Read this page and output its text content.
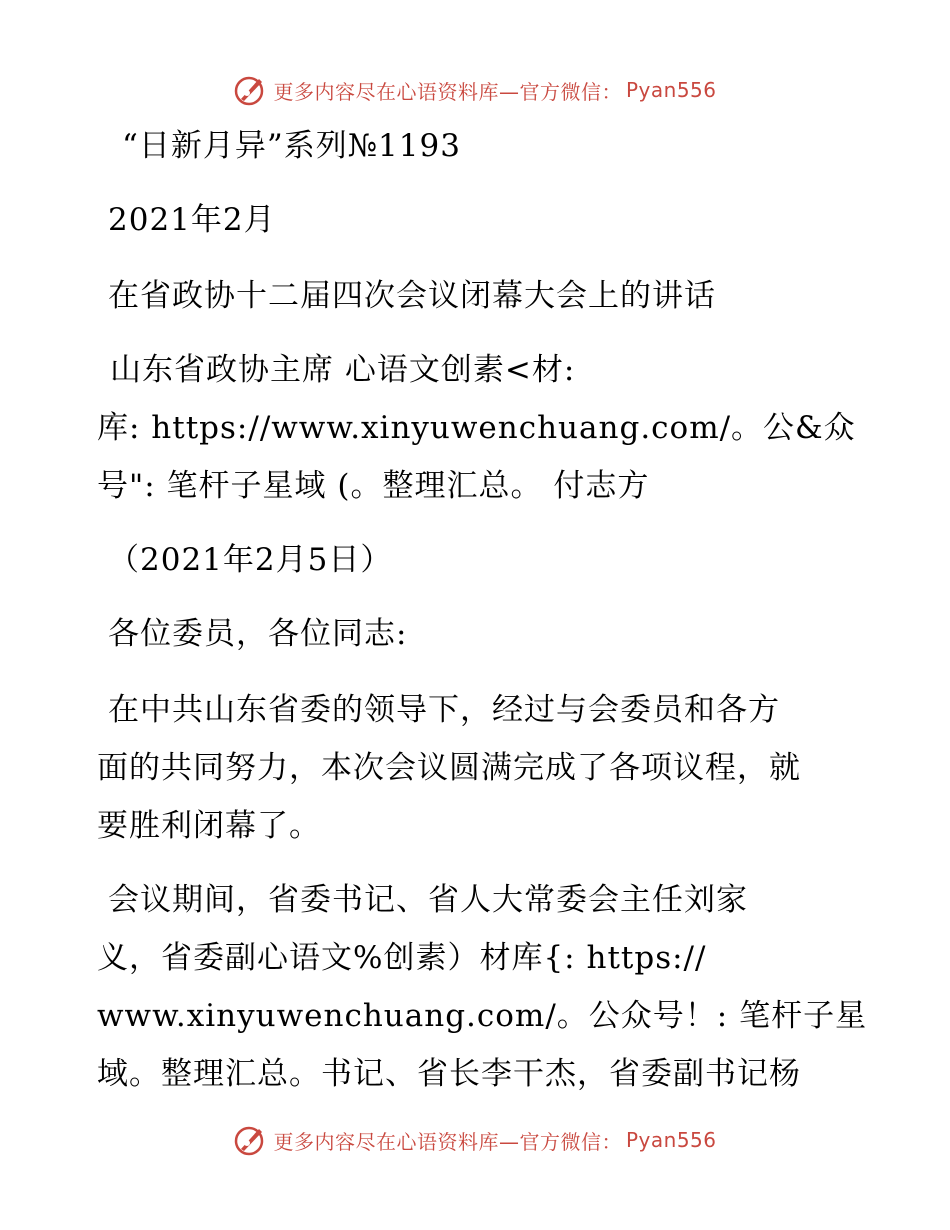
更多内容尽在心语资料库—官方微信： Pyan556
“日新月异”系列№1193
2021年2月
在省政协十二届四次会议闭幕大会上的讲话
山东省政协主席 心语文创素<材:
库: https://www.xinyuwenchuang.com/。公&众
号": 笔杆子星域 (。整理汇总。 付志方
（2021年2月5日）
各位委员，各位同志:
在中共山东省委的领导下，经过与会委员和各方
面的共同努力，本次会议圆满完成了各项议程，就
要胜利闭幕了。
会议期间，省委书记、省人大常委会主任刘家
义，省委副心语文%创素）材库{: https://
www.xinyuwenchuang.com/。公众号！: 笔杆子星
域。整理汇总。书记、省长李干杰，省委副书记杨
更多内容尽在心语资料库—官方微信： Pyan556
